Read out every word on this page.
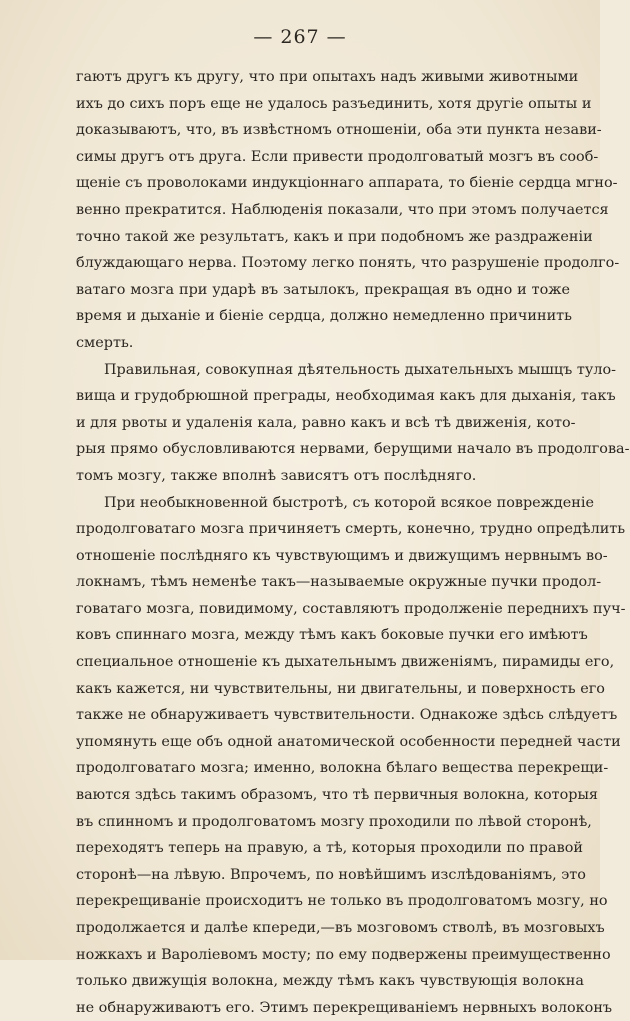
— 267 —
гаютъ другъ къ другу, что при опытахъ надъ живыми животными
ихъ до сихъ поръ еще не удалось разъединить, хотя другіе опыты и
доказываютъ, что, въ извѣстномъ отношеніи, оба эти пункта незави-
симы другъ отъ друга. Если привести продолговатый мозгъ въ сооб-
щеніе съ проволоками индукціоннаго аппарата, то біеніе сердца мгно-
венно прекратится. Наблюденія показали, что при этомъ получается
точно такой же результатъ, какъ и при подобномъ же раздраженіи
блуждающаго нерва. Поэтому легко понять, что разрушеніе продолго-
ватаго мозга при ударѣ въ затылокъ, прекращая въ одно и тоже
время и дыханіе и біеніе сердца, должно немедленно причинить
смерть.
Правильная, совокупная дѣятельность дыхательныхъ мышцъ туло-
вища и грудобрюшной преграды, необходимая какъ для дыханія, такъ
и для рвоты и удаленія кала, равно какъ и всѣ тѣ движенія, кото-
рыя прямо обусловливаются нервами, берущими начало въ продолговa-
томъ мозгу, также вполнѣ зависятъ отъ послѣдняго.
При необыкновенной быстротѣ, съ которой всякое поврежденіе
продолговатаго мозга причиняетъ смерть, конечно, трудно опредѣлить
отношеніе послѣдняго къ чувствующимъ и движущимъ нервнымъ во-
локнамъ, тѣмъ неменѣе такъ—называемые окружные пучки продол-
говатаго мозга, повидимому, составляютъ продолженіе переднихъ пуч-
ковъ спиннаго мозга, между тѣмъ какъ боковые пучки его имѣютъ
специальное отношеніе къ дыхательнымъ движеніямъ, пирамиды его,
какъ кажется, ни чувствительны, ни двигательны, и поверхность его
также не обнаруживаетъ чувствительности. Однакоже здѣсь слѣдуетъ
упомянуть еще объ одной анатомической особенности передней части
продолговатаго мозга; именно, волокна бѣлаго вещества перекрещи-
ваются здѣсь такимъ образомъ, что тѣ первичныя волокна, которыя
въ спинномъ и продолговатомъ мозгу проходили по лѣвой сторонѣ,
переходятъ теперь на правую, а тѣ, которыя проходили по правой
сторонѣ—на лѣвую. Впрочемъ, по новѣйшимъ изслѣдованіямъ, это
перекрещиваніе происходитъ не только въ продолговатомъ мозгу, но
продолжается и далѣе кпереди,—въ мозговомъ стволѣ, въ мозговыхъ
ножкахъ и Вароліевомъ мосту; по ему подвержены преимущественно
только движущія волокна, между тѣмъ какъ чувствующія волокна
не обнаруживаютъ его. Этимъ перекрещиваніемъ нервныхъ волоконъ
